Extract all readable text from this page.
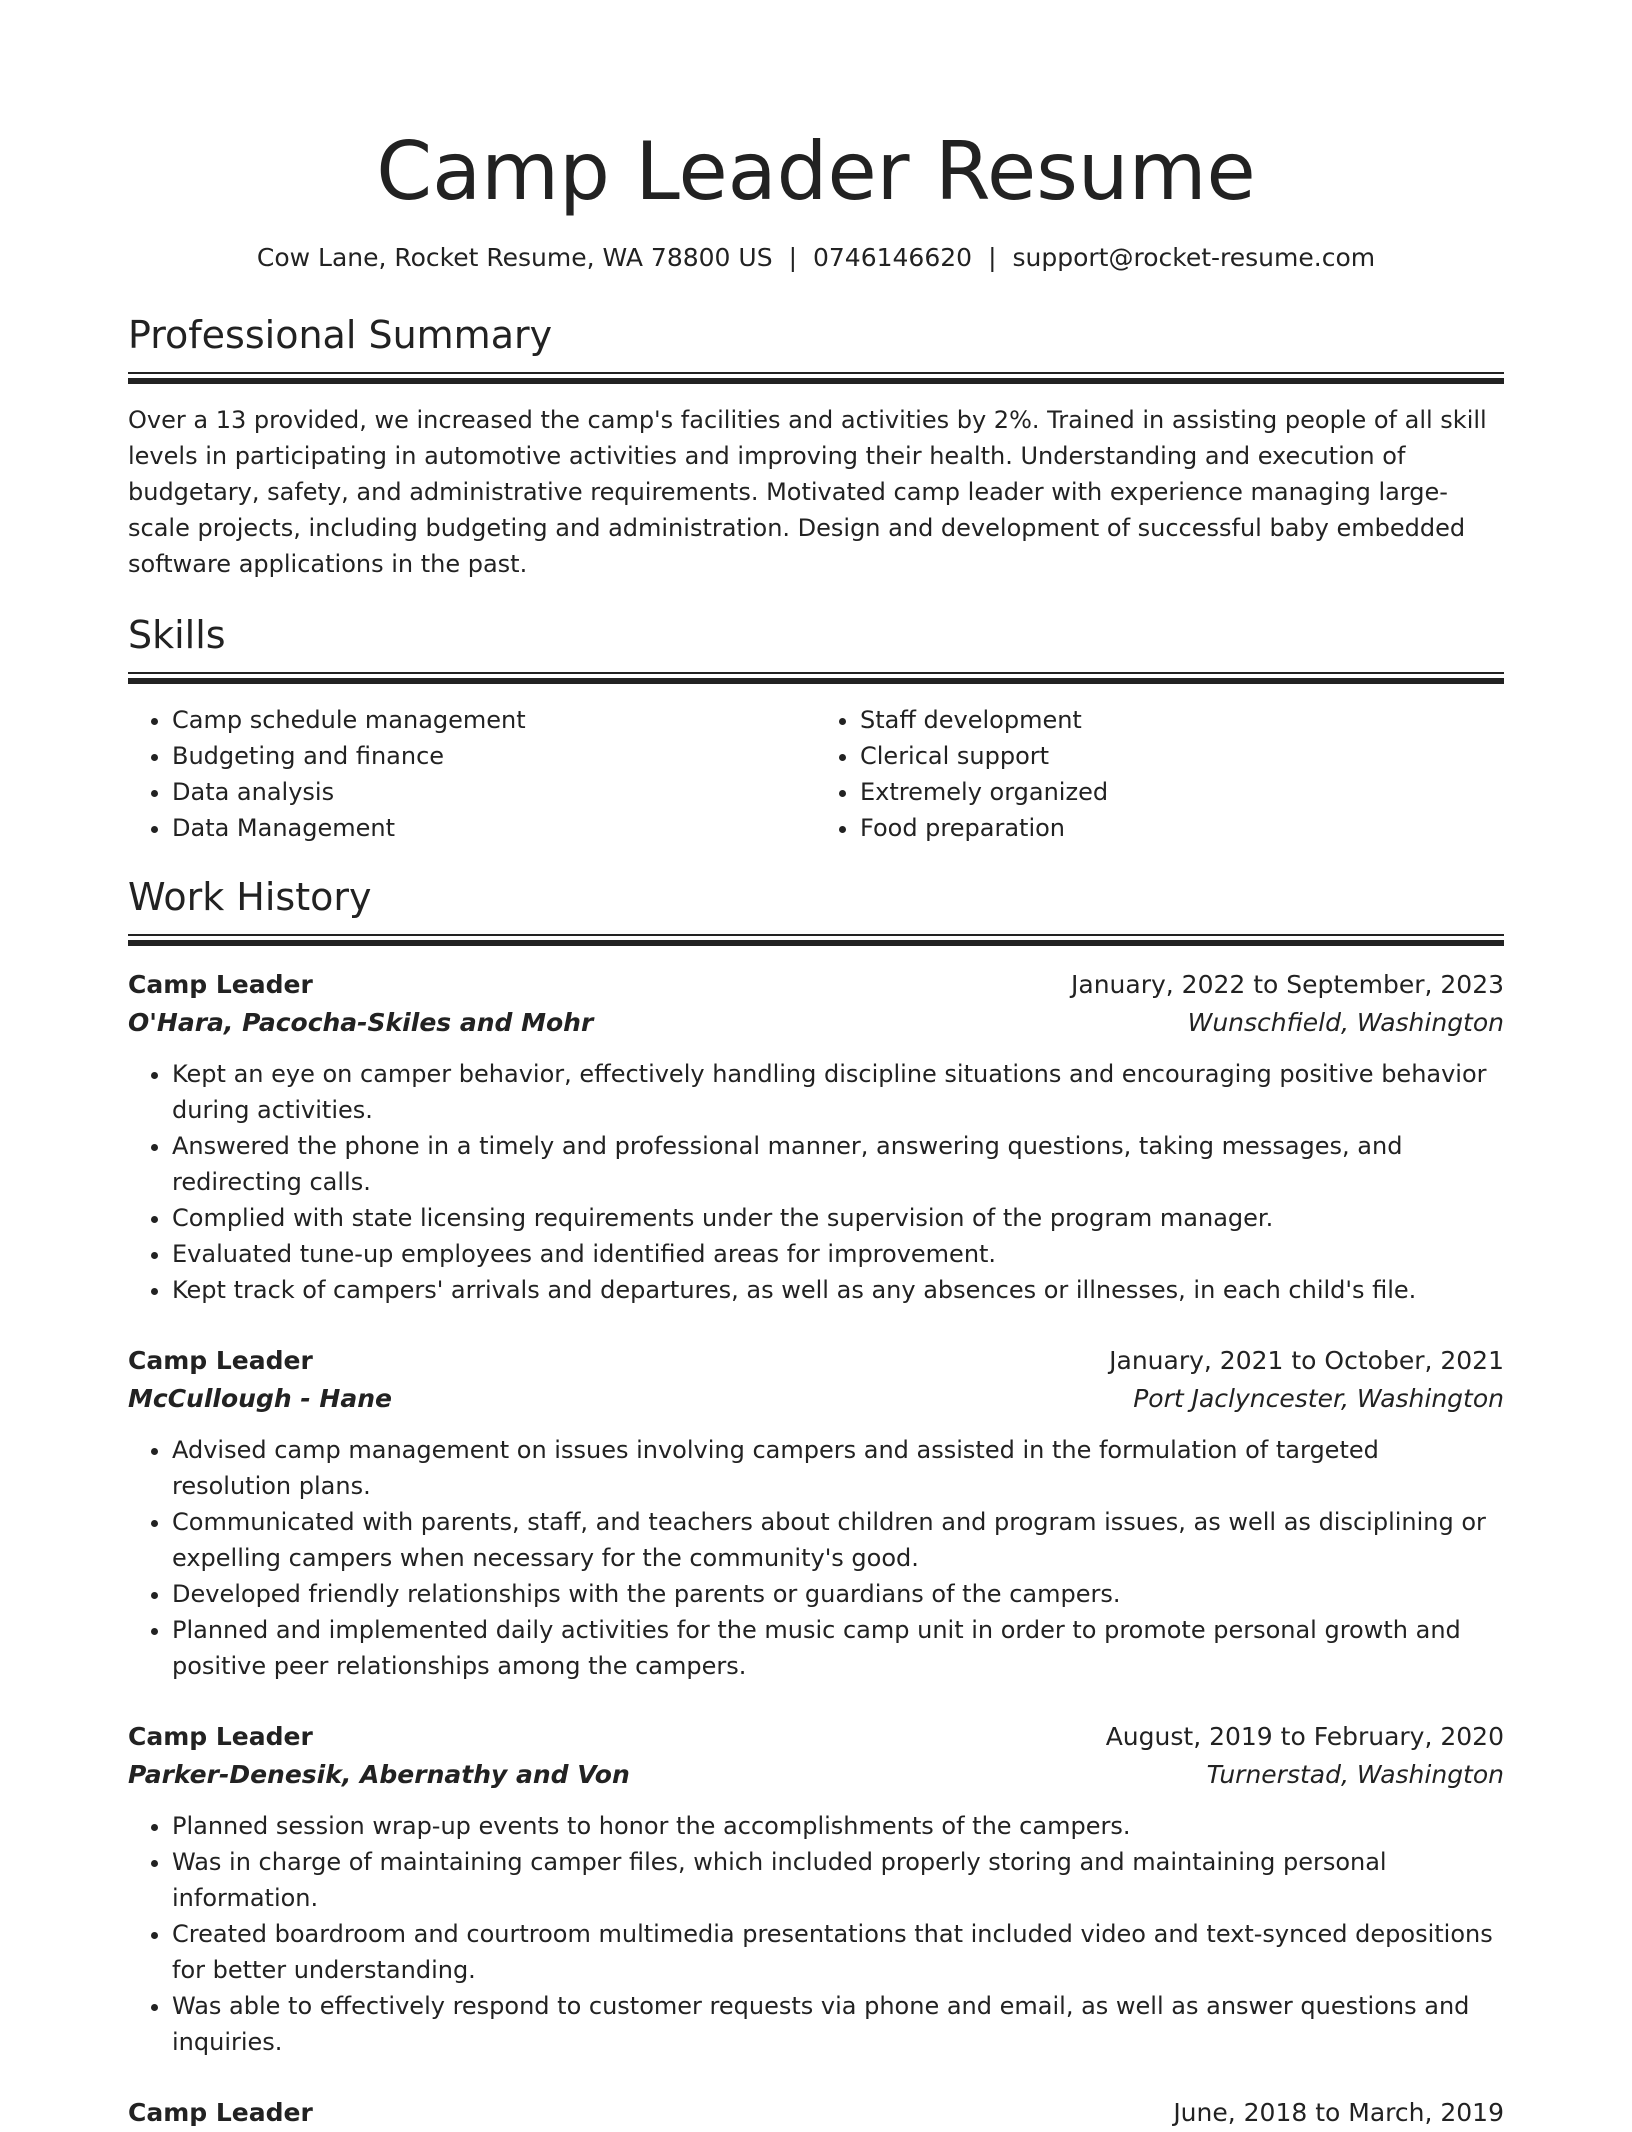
Camp Leader Resume
Cow Lane, Rocket Resume, WA 78800 US | 0746146620 | support@rocket-resume.com
Professional Summary
Over a 13 provided, we increased the camp's facilities and activities by 2%. Trained in assisting people of all skill levels in participating in automotive activities and improving their health. Understanding and execution of budgetary, safety, and administrative requirements. Motivated camp leader with experience managing large-scale projects, including budgeting and administration. Design and development of successful baby embedded software applications in the past.
Skills
• Camp schedule management
• Budgeting and finance
• Data analysis
• Data Management
• Staff development
• Clerical support
• Extremely organized
• Food preparation
Work History
Camp Leader	January, 2022 to September, 2023
O'Hara, Pacocha-Skiles and Mohr	Wunschfield, Washington
• Kept an eye on camper behavior, effectively handling discipline situations and encouraging positive behavior during activities.
• Answered the phone in a timely and professional manner, answering questions, taking messages, and redirecting calls.
• Complied with state licensing requirements under the supervision of the program manager.
• Evaluated tune-up employees and identified areas for improvement.
• Kept track of campers' arrivals and departures, as well as any absences or illnesses, in each child's file.
Camp Leader	January, 2021 to October, 2021
McCullough - Hane	Port Jaclyncester, Washington
• Advised camp management on issues involving campers and assisted in the formulation of targeted resolution plans.
• Communicated with parents, staff, and teachers about children and program issues, as well as disciplining or expelling campers when necessary for the community's good.
• Developed friendly relationships with the parents or guardians of the campers.
• Planned and implemented daily activities for the music camp unit in order to promote personal growth and positive peer relationships among the campers.
Camp Leader	August, 2019 to February, 2020
Parker-Denesik, Abernathy and Von	Turnerstad, Washington
• Planned session wrap-up events to honor the accomplishments of the campers.
• Was in charge of maintaining camper files, which included properly storing and maintaining personal information.
• Created boardroom and courtroom multimedia presentations that included video and text-synced depositions for better understanding.
• Was able to effectively respond to customer requests via phone and email, as well as answer questions and inquiries.
Camp Leader	June, 2018 to March, 2019
